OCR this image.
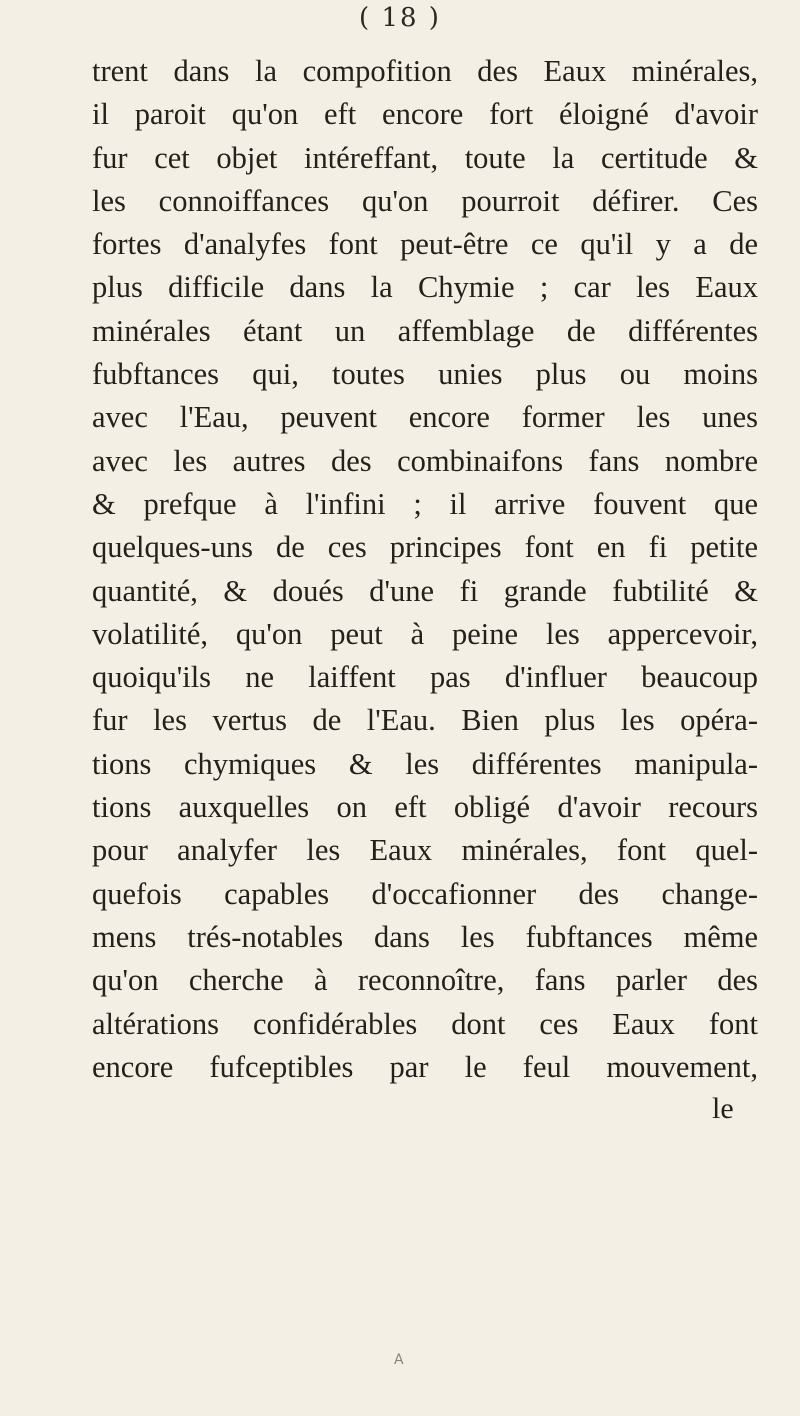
( 18 )
trent dans la compofition des Eaux minérales,
il paroit qu'on eft encore fort éloigné d'avoir
fur cet objet intéreffant, toute la certitude &
les connoiffances qu'on pourroit défirer. Ces
fortes d'analyfes font peut-être ce qu'il y a de
plus difficile dans la Chymie ; car les Eaux
minérales étant un affemblage de différentes
fubftances qui, toutes unies plus ou moins
avec l'Eau, peuvent encore former les unes
avec les autres des combinaifons fans nombre
& prefque à l'infini ; il arrive fouvent que
quelques-uns de ces principes font en fi petite
quantité, & doués d'une fi grande fubtilité &
volatilité, qu'on peut à peine les appercevoir,
quoiqu'ils ne laiffent pas d'influer beaucoup
fur les vertus de l'Eau. Bien plus les opéra-
tions chymiques & les différentes manipula-
tions auxquelles on eft obligé d'avoir recours
pour analyfer les Eaux minérales, font quel-
quefois capables d'occafionner des change-
mens trés-notables dans les fubftances même
qu'on cherche à reconnoître, fans parler des
altérations confidérables dont ces Eaux font
encore fufceptibles par le feul mouvement,
le
A
